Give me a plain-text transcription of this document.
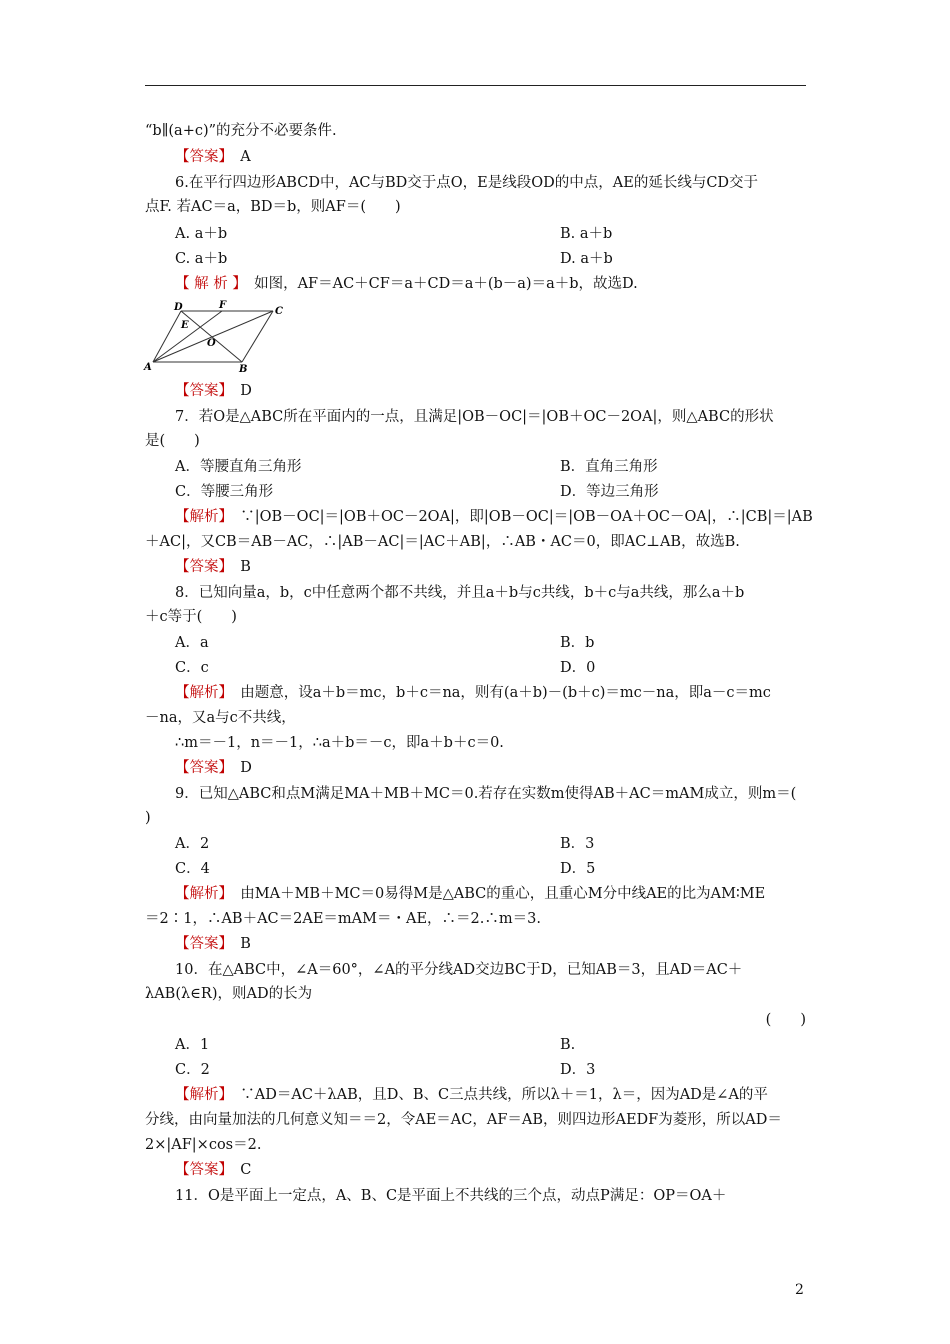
“b∥(a+c)”的充分不必要条件.
【答案】　 A
6.在平行四边形ABCD中，AC与BD交于点O，E是线段OD的中点，AE的延长线与CD交于
点F. 若AC＝a，BD＝b，则AF＝(　　)
A. a＋b	B. a＋b
C. a＋b	D. a＋b
【 解 析 】　 如图，AF＝AC＋CF＝a＋CD＝a＋(b－a)＝a＋b，故选D.
A	B
C
D
E
F
O
【答案】　 D
7．若O是△ABC所在平面内的一点，且满足|OB－OC|＝|OB＋OC－2OA|，则△ABC的形状
是(　　)
A．等腰直角三角形	B．直角三角形
C．等腰三角形	D．等边三角形
【解析】　 ∵|OB－OC|＝|OB＋OC－2OA|，即|OB－OC|＝|OB－OA＋OC－OA|，∴|CB|＝|AB
＋AC|，又CB＝AB－AC，∴|AB－AC|＝|AC＋AB|，∴AB・AC＝0，即AC⊥AB，故选B.
【答案】　 B
8．已知向量a，b，c中任意两个都不共线，并且a＋b与c共线，b＋c与a共线，那么a＋b
＋c等于(　　)
A．a	B．b
C．c	D．0
【解析】　 由题意，设a＋b＝mc，b＋c＝na，则有(a＋b)－(b＋c)＝mc－na，即a－c＝mc
－na，又a与c不共线，
∴m＝－1，n＝－1，∴a＋b＝－c，即a＋b＋c＝0.
【答案】　 D
9．已知△ABC和点M满足MA＋MB＋MC＝0.若存在实数m使得AB＋AC＝mAM成立，则m＝(
)
A．2	B．3
C．4	D．5
【解析】　 由MA＋MB＋MC＝0易得M是△ABC的重心，且重心M分中线AE的比为AM∶ME
＝2∶1，∴AB＋AC＝2AE＝mAM＝・AE，∴＝2.∴m＝3.
【答案】　 B
10．在△ABC中，∠A＝60°，∠A的平分线AD交边BC于D，已知AB＝3，且AD＝AC＋
λAB(λ∈R)，则AD的长为
(　　)
A．1	B.
C．2	D．3
【解析】　 ∵AD＝AC＋λAB，且D、B、C三点共线，所以λ＋＝1，λ＝，因为AD是∠A的平
分线，由向量加法的几何意义知＝＝2，令AE＝AC，AF＝AB，则四边形AEDF为菱形，所以AD＝
2×|AF|×cos＝2.
【答案】　 C
11．O是平面上一定点，A、B、C是平面上不共线的三个点，动点P满足：OP＝OA＋
2
